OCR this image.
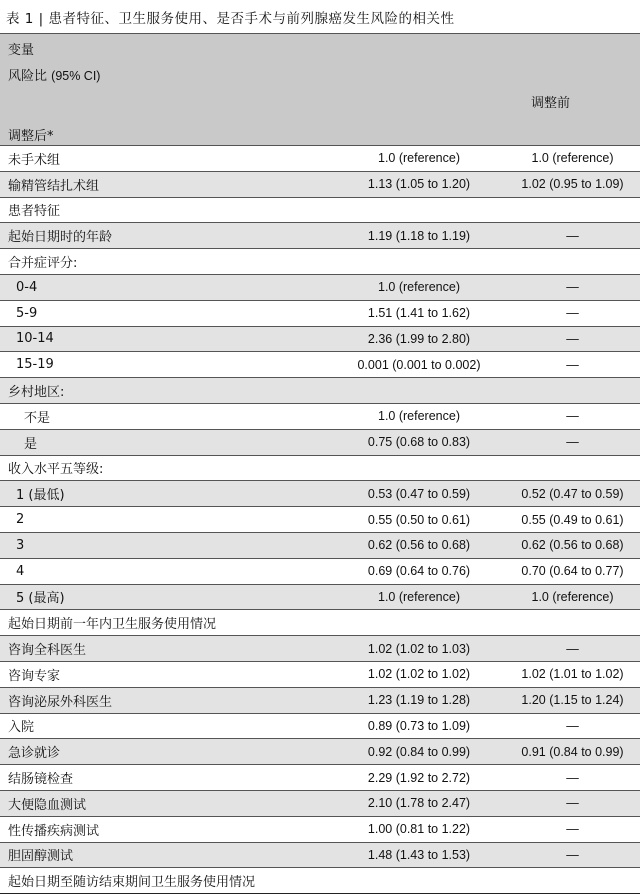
表 1 | 患者特征、卫生服务使用、是否手术与前列腺癌发生风险的相关性
变量
风险比 (95% CI)
调整前
调整后*
未手术组	1.0 (reference)	1.0 (reference)
输精管结扎术组	1.13 (1.05 to 1.20)	1.02 (0.95 to 1.09)
患者特征
起始日期时的年龄	1.19 (1.18 to 1.19)	—
合并症评分:
0-4	1.0 (reference)	—
5-9	1.51 (1.41 to 1.62)	—
10-14	2.36 (1.99 to 2.80)	—
15-19	0.001 (0.001 to 0.002)	—
乡村地区:
不是	1.0 (reference)	—
是	0.75 (0.68 to 0.83)	—
收入水平五等级:
1 (最低)	0.53 (0.47 to 0.59)	0.52 (0.47 to 0.59)
2	0.55 (0.50 to 0.61)	0.55 (0.49 to 0.61)
3	0.62 (0.56 to 0.68)	0.62 (0.56 to 0.68)
4	0.69 (0.64 to 0.76)	0.70 (0.64 to 0.77)
5 (最高)	1.0 (reference)	1.0 (reference)
起始日期前一年内卫生服务使用情况
咨询全科医生	1.02 (1.02 to 1.03)	—
咨询专家	1.02 (1.02 to 1.02)	1.02 (1.01 to 1.02)
咨询泌尿外科医生	1.23 (1.19 to 1.28)	1.20 (1.15 to 1.24)
入院	0.89 (0.73 to 1.09)	—
急诊就诊	0.92 (0.84 to 0.99)	0.91 (0.84 to 0.99)
结肠镜检查	2.29 (1.92 to 2.72)	—
大便隐血测试	2.10 (1.78 to 2.47)	—
性传播疾病测试	1.00 (0.81 to 1.22)	—
胆固醇测试	1.48 (1.43 to 1.53)	—
起始日期至随访结束期间卫生服务使用情况
